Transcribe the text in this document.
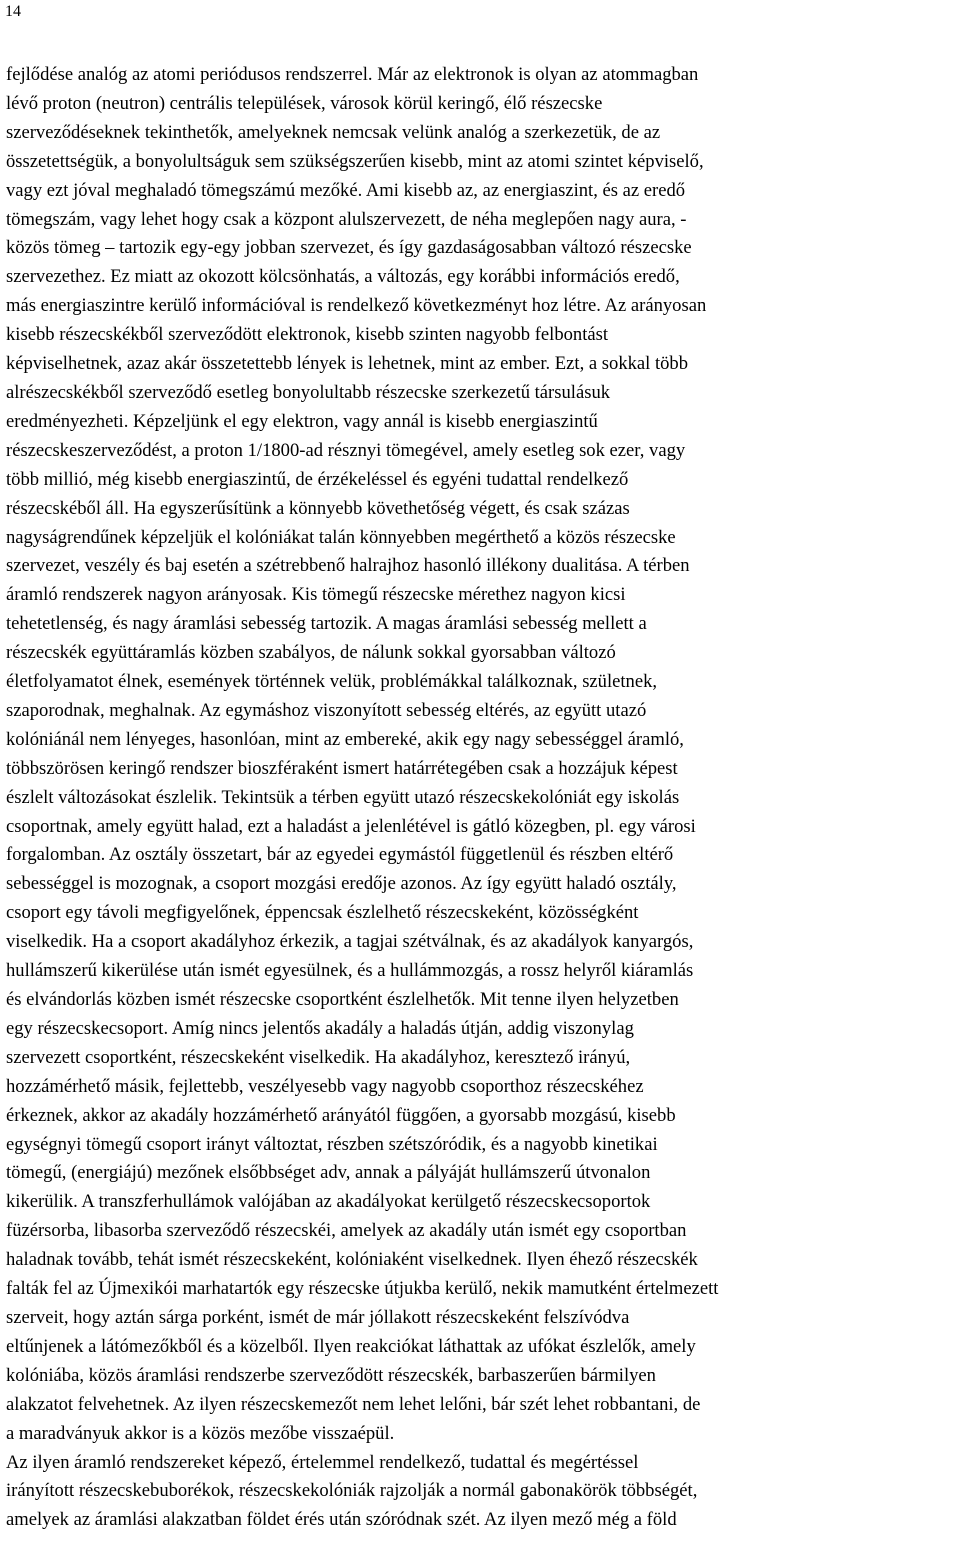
14

fejlődése analóg az atomi periódusos rendszerrel. Már az elektronok is olyan az atommagban
lévő proton (neutron) centrális települések, városok körül keringő, élő részecske
szerveződéseknek tekinthetők, amelyeknek nemcsak velünk analóg a szerkezetük, de az
összetettségük, a bonyolultságuk sem szükségszerűen kisebb, mint az atomi szintet képviselő,
vagy ezt jóval meghaladó tömegszámú mezőké. Ami kisebb az, az energiaszint, és az eredő
tömegszám, vagy lehet hogy csak a központ alulszervezett, de néha meglepően nagy aura, -
közös tömeg – tartozik egy-egy jobban szervezet, és így gazdaságosabban változó részecske
szervezethez. Ez miatt az okozott kölcsönhatás, a változás, egy korábbi információs eredő,
más energiaszintre kerülő információval is rendelkező következményt hoz létre. Az arányosan
kisebb részecskékből szerveződött elektronok, kisebb szinten nagyobb felbontást
képviselhetnek, azaz akár összetettebb lények is lehetnek, mint az ember. Ezt, a sokkal több
alrészecskékből szerveződő esetleg bonyolultabb részecske szerkezetű társulásuk
eredményezheti. Képzeljünk el egy elektron, vagy annál is kisebb energiaszintű
részecskeszerveződést, a proton 1/1800-ad résznyi tömegével, amely esetleg sok ezer, vagy
több millió, még kisebb energiaszintű, de érzékeléssel és egyéni tudattal rendelkező
részecskéből áll. Ha egyszerűsítünk a könnyebb követhetőség végett, és csak százas
nagyságrendűnek képzeljük el kolóniákat talán könnyebben megérthető a közös részecske
szervezet, veszély és baj esetén a szétrebbenő halrajhoz hasonló illékony dualitása. A térben
áramló rendszerek nagyon arányosak. Kis tömegű részecske mérethez nagyon kicsi
tehetetlenség, és nagy áramlási sebesség tartozik. A magas áramlási sebesség mellett a
részecskék együttáramlás közben szabályos, de nálunk sokkal gyorsabban változó
életfolyamatot élnek, események történnek velük, problémákkal találkoznak, születnek,
szaporodnak, meghalnak. Az egymáshoz viszonyított sebesség eltérés, az együtt utazó
kolóniánál nem lényeges, hasonlóan, mint az embereké, akik egy nagy sebességgel áramló,
többszörösen keringő rendszer bioszféraként ismert határrétegében csak a hozzájuk képest
észlelt változásokat észlelik. Tekintsük a térben együtt utazó részecskekolóniát egy iskolás
csoportnak, amely együtt halad, ezt a haladást a jelenlétével is gátló közegben, pl. egy városi
forgalomban. Az osztály összetart, bár az egyedei egymástól függetlenül és részben eltérő
sebességgel is mozognak, a csoport mozgási eredője azonos. Az így együtt haladó osztály,
csoport egy távoli megfigyelőnek, éppencsak észlelhető részecskeként, közösségként
viselkedik. Ha a csoport akadályhoz érkezik, a tagjai szétválnak, és az akadályok kanyargós,
hullámszerű kikerülése után ismét egyesülnek, és a hullámmozgás, a rossz helyről kiáramlás
és elvándorlás közben ismét részecske csoportként észlelhetők. Mit tenne ilyen helyzetben
egy részecskecsoport. Amíg nincs jelentős akadály a haladás útján, addig viszonylag
szervezett csoportként, részecskeként viselkedik. Ha akadályhoz, keresztező irányú,
hozzámérhető másik, fejlettebb, veszélyesebb vagy nagyobb csoporthoz részecskéhez
érkeznek, akkor az akadály hozzámérhető arányától függően, a gyorsabb mozgású, kisebb
egységnyi tömegű csoport irányt változtat, részben szétszóródik, és a nagyobb kinetikai
tömegű, (energiájú) mezőnek elsőbbséget adv, annak a pályáját hullámszerű útvonalon
kikerülik. A transzferhullámok valójában az akadályokat kerülgető részecskecsoportok
füzérsorba, libasorba szerveződő részecskéi, amelyek az akadály után ismét egy csoportban
haladnak tovább, tehát ismét részecskeként, kolóniaként viselkednek. Ilyen éhező részecskék
falták fel az Újmexikói marhatartók egy részecske útjukba kerülő, nekik mamutként értelmezett
szerveit, hogy aztán sárga porként, ismét de már jóllakott részecskeként felszívódva
eltűnjenek a látómezőkből és a közelből. Ilyen reakciókat láthattak az ufókat észlelők, amely
kolóniába, közös áramlási rendszerbe szerveződött részecskék, barbaszerűen bármilyen
alakzatot felvehetnek. Az ilyen részecskemezőt nem lehet lelőni, bár szét lehet robbantani, de
a maradványuk akkor is a közös mezőbe visszaépül.

Az ilyen áramló rendszereket képező, értelemmel rendelkező, tudattal és megértéssel
irányított részecskebuborékok, részecskekolóniák rajzolják a normál gabonakörök többségét,
amelyek az áramlási alakzatban földet érés után szóródnak szét. Az ilyen mező még a föld
